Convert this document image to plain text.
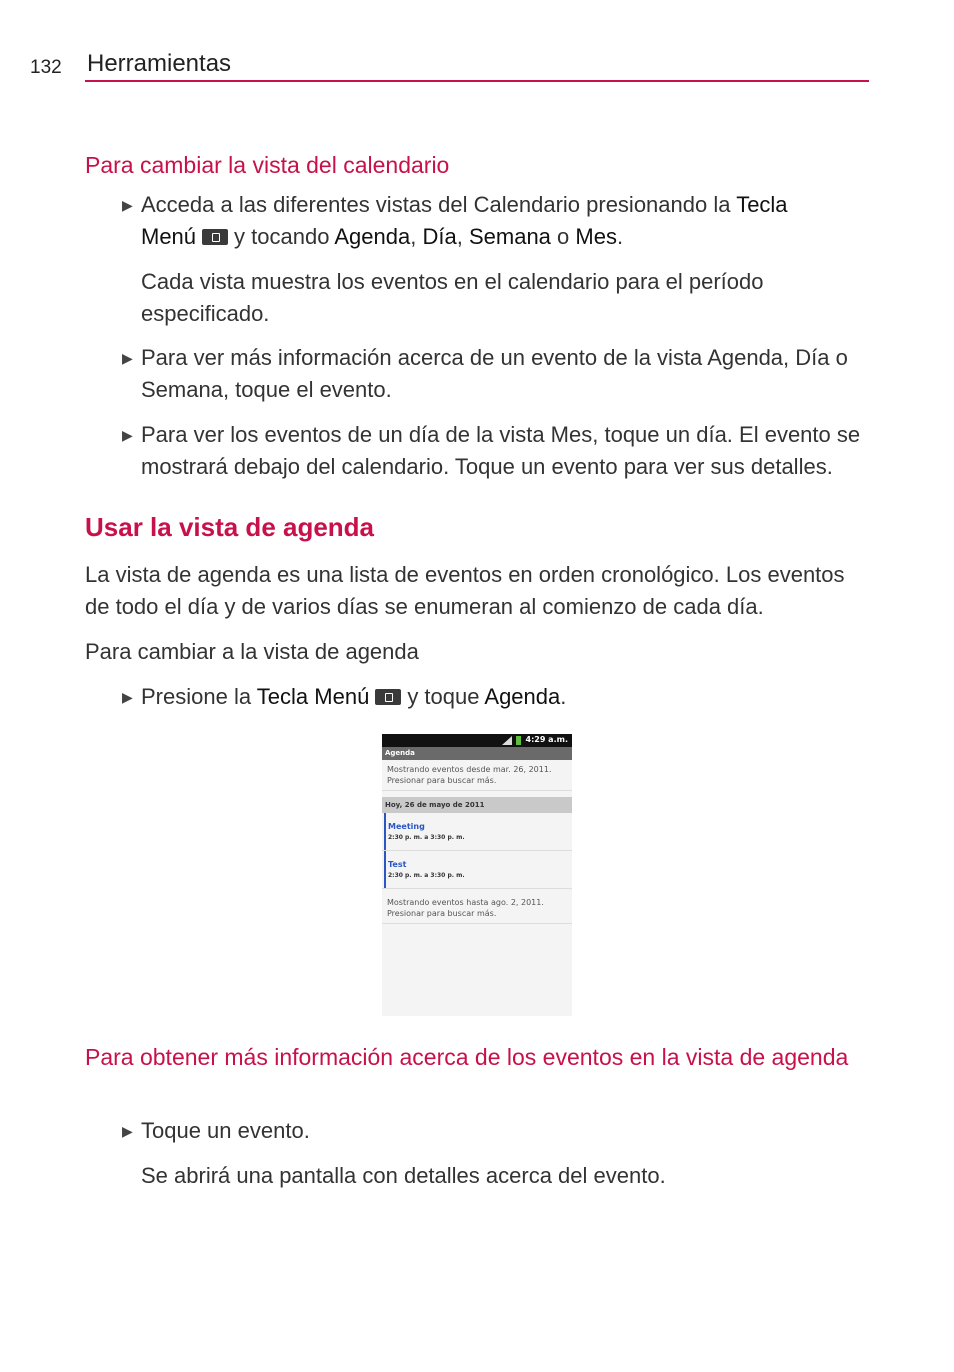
132 Herramientas
Para cambiar la vista del calendario
▶ Acceda a las diferentes vistas del Calendario presionando la Tecla
Menú y tocando Agenda, Día, Semana o Mes.

Cada vista muestra los eventos en el calendario para el período especificado.

▶ Para ver más información acerca de un evento de la vista Agenda, Día o Semana, toque el evento.

▶ Para ver los eventos de un día de la vista Mes, toque un día. El evento se mostrará debajo del calendario. Toque un evento para ver sus detalles.

Usar la vista de agenda

La vista de agenda es una lista de eventos en orden cronológico. Los eventos de todo el día y de varios días se enumeran al comienzo de cada día.

Para cambiar a la vista de agenda

▶ Presione la Tecla Menú y toque Agenda.

4:29 a.m.
Agenda
Mostrando eventos desde mar. 26, 2011. Presionar para buscar más.
Hoy, 26 de mayo de 2011
Meeting
2:30 p. m. a 3:30 p. m.
Test
2:30 p. m. a 3:30 p. m.
Mostrando eventos hasta ago. 2, 2011. Presionar para buscar más.
Para obtener más información acerca de los eventos en la vista de agenda
▶ Toque un evento.

Se abrirá una pantalla con detalles acerca del evento.
